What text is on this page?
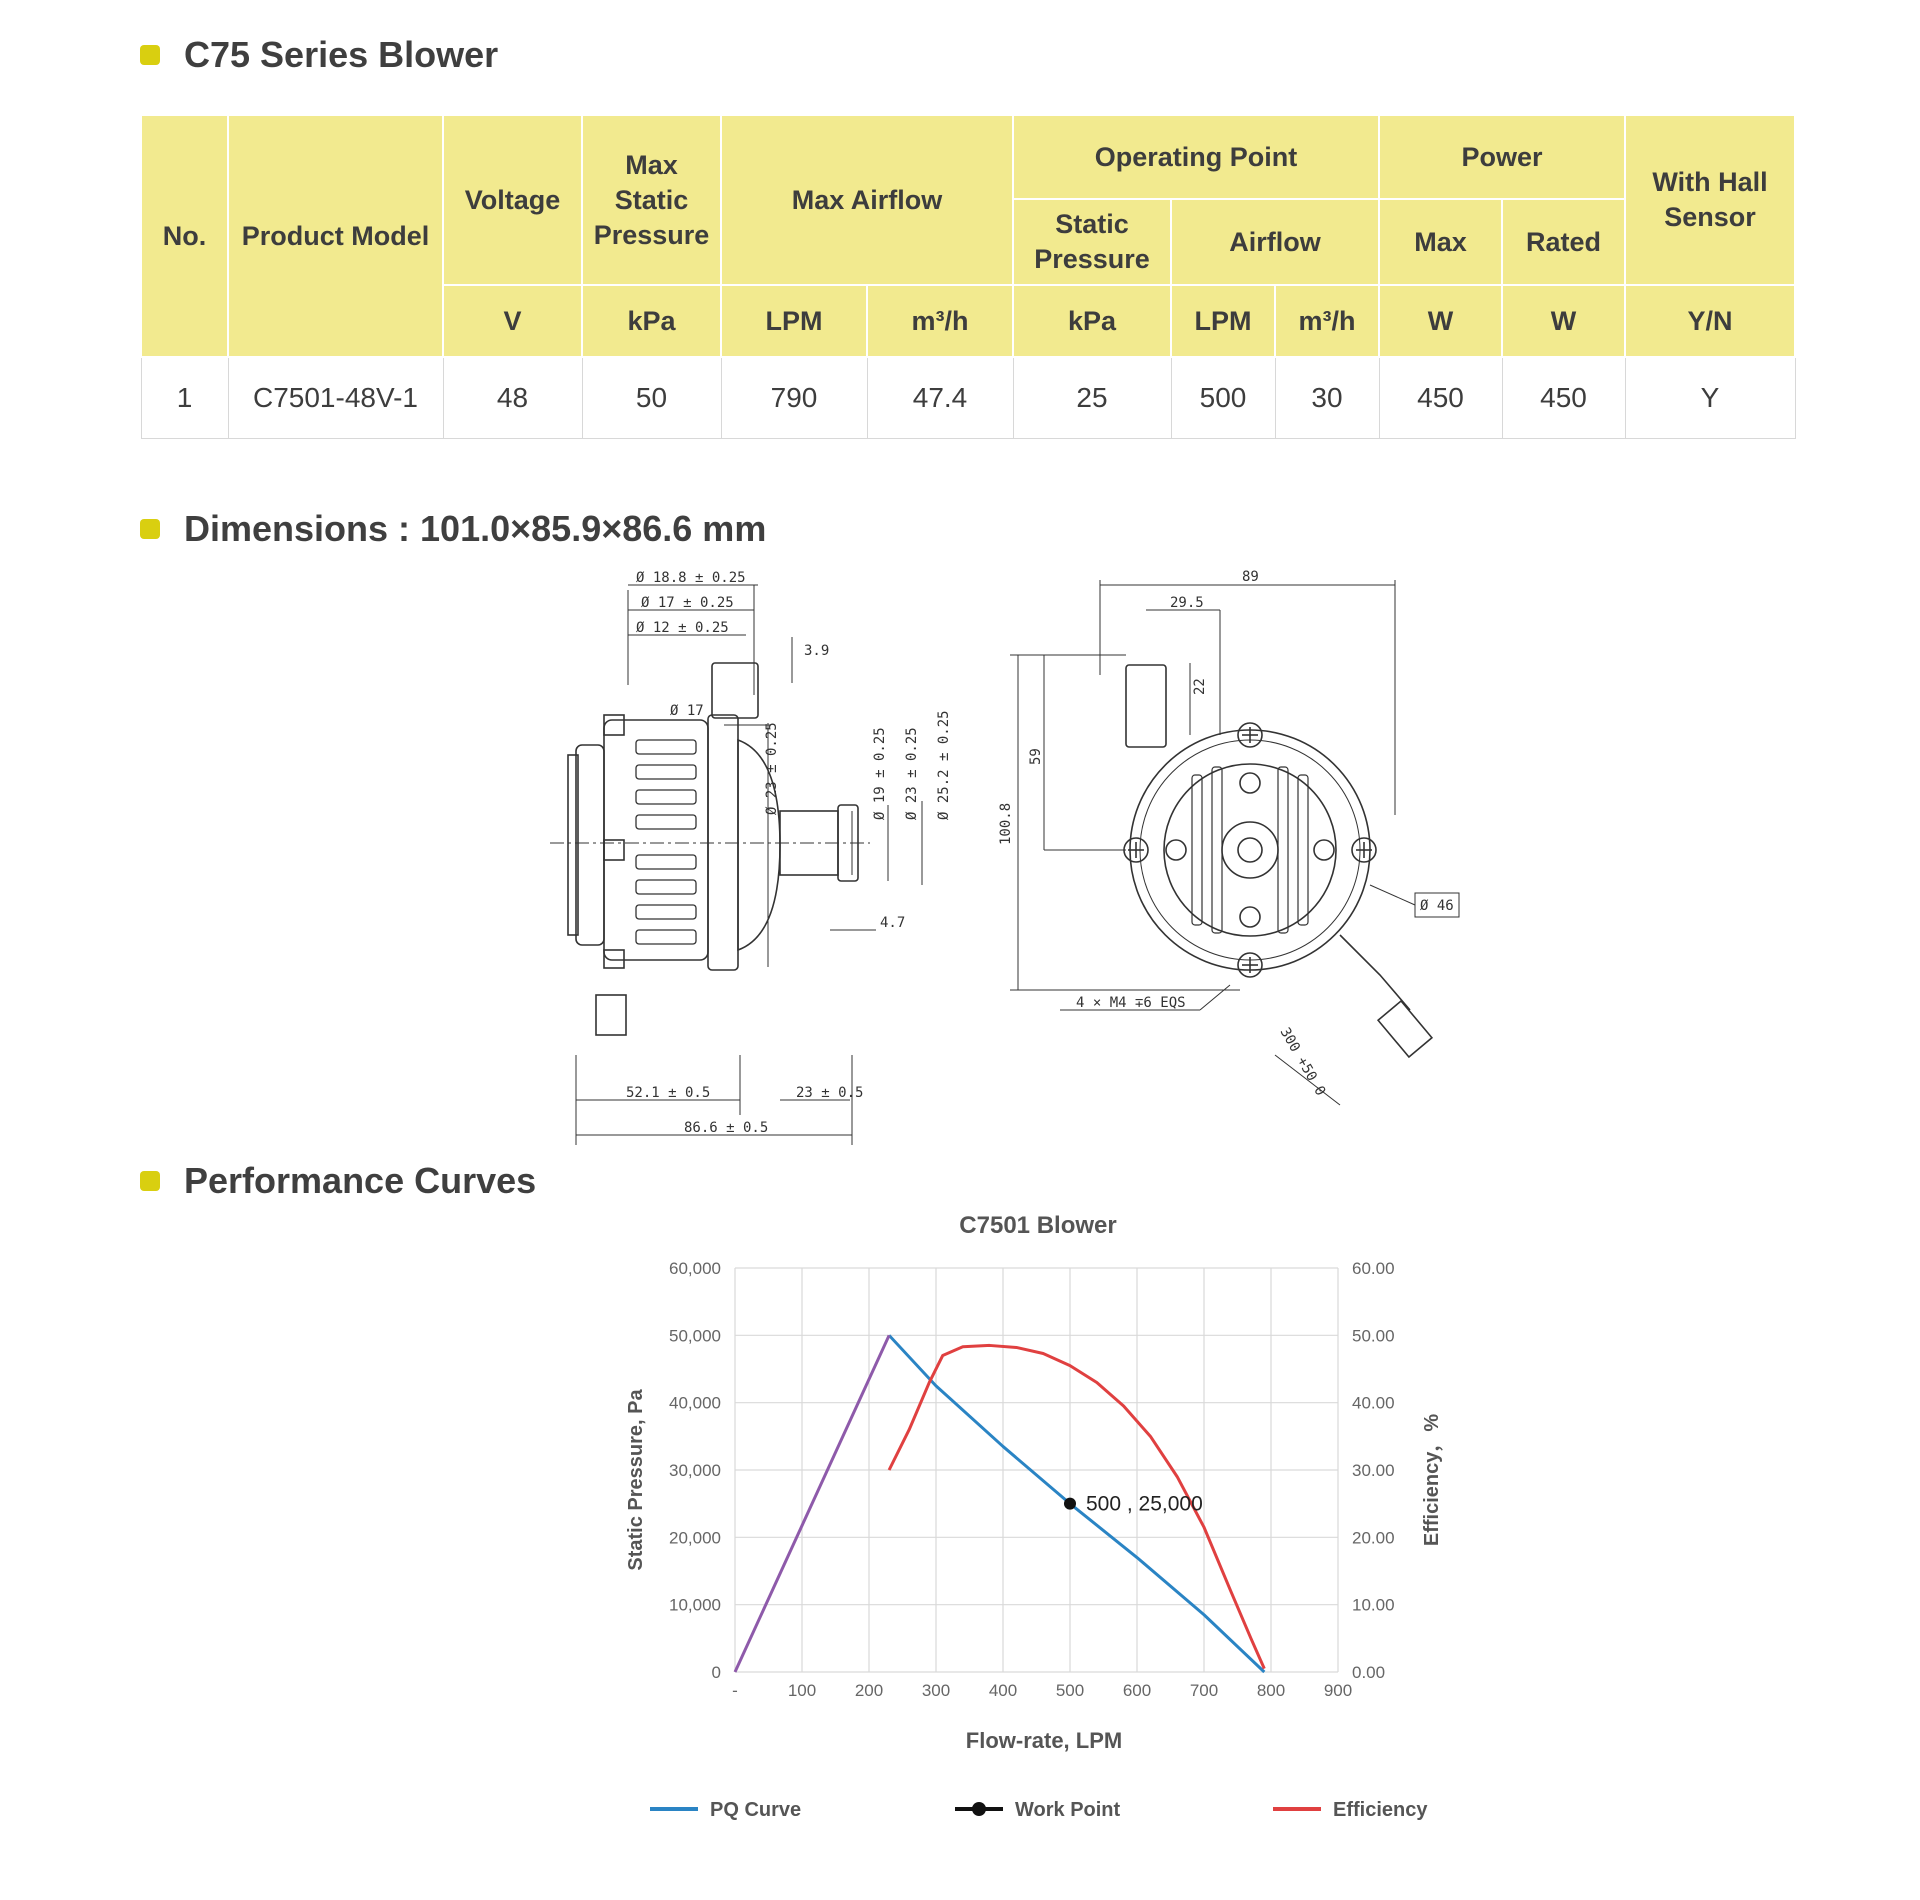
C75 Series Blower
No.	Product Model	Voltage	Max Static Pressure	Max Airflow		Operating Point			Power		With Hall Sensor
						Static Pressure	Airflow		Max	Rated	
		V	kPa	LPM	m³/h	kPa	LPM	m³/h	W	W	Y/N
1	C7501-48V-1	48	50	790	47.4	25	500	30	450	450	Y
Dimensions : 101.0×85.9×86.6 mm
Ø 18.8 ± 0.25
Ø 17 ± 0.25
Ø 12 ± 0.25
3.9
Ø 17
Ø 23 ± 0.25	Ø 19 ± 0.25 Ø 23 ± 0.25 Ø 25.2 ± 0.25
4.7
52.1 ± 0.5	23 ± 0.5
86.6 ± 0.5
89
29.5
22
59
100.8
Ø 46
4 × M4 ∓6 EQS
300 +50 0
Performance Curves
C7501 Blower
-	100 200 300 400 500 600 700 800 900
0
10,000
20,000
30,000
40,000
50,000
60,000
0.00
10.00
20.00
30.00
40.00
50.00
60.00
500 , 25,000
Flow-rate, LPM
Static Pressure, Pa	Efficiency，%
PQ Curve	Work Point	Efficiency
